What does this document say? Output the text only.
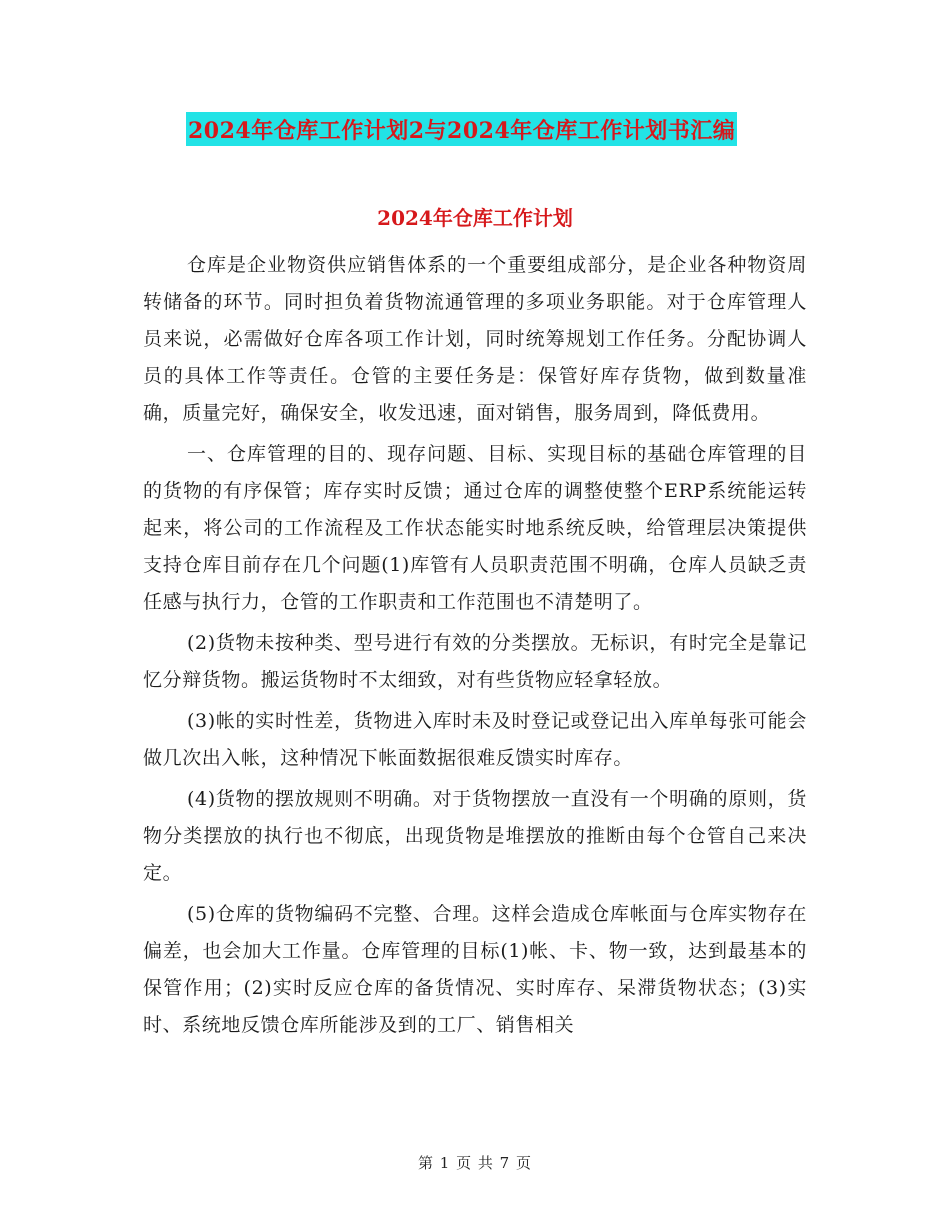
2024年仓库工作计划2与2024年仓库工作计划书汇编
2024年仓库工作计划

仓库是企业物资供应销售体系的一个重要组成部分，是企业各种物资周转储备的环节。同时担负着货物流通管理的多项业务职能。对于仓库管理人员来说，必需做好仓库各项工作计划，同时统筹规划工作任务。分配协调人员的具体工作等责任。仓管的主要任务是：保管好库存货物，做到数量准确，质量完好，确保安全，收发迅速，面对销售，服务周到，降低费用。

一、仓库管理的目的、现存问题、目标、实现目标的基础仓库管理的目的货物的有序保管；库存实时反馈；通过仓库的调整使整个ERP系统能运转起来，将公司的工作流程及工作状态能实时地系统反映，给管理层决策提供支持仓库目前存在几个问题(1)库管有人员职责范围不明确，仓库人员缺乏责任感与执行力，仓管的工作职责和工作范围也不清楚明了。

(2)货物未按种类、型号进行有效的分类摆放。无标识，有时完全是靠记忆分辩货物。搬运货物时不太细致，对有些货物应轻拿轻放。

(3)帐的实时性差，货物进入库时未及时登记或登记出入库单每张可能会做几次出入帐，这种情况下帐面数据很难反馈实时库存。

(4)货物的摆放规则不明确。对于货物摆放一直没有一个明确的原则，货物分类摆放的执行也不彻底，出现货物是堆摆放的推断由每个仓管自己来决定。

(5)仓库的货物编码不完整、合理。这样会造成仓库帐面与仓库实物存在偏差，也会加大工作量。仓库管理的目标(1)帐、卡、物一致，达到最基本的保管作用；(2)实时反应仓库的备货情况、实时库存、呆滞货物状态；(3)实时、系统地反馈仓库所能涉及到的工厂、销售相关

第 1 页 共 7 页
